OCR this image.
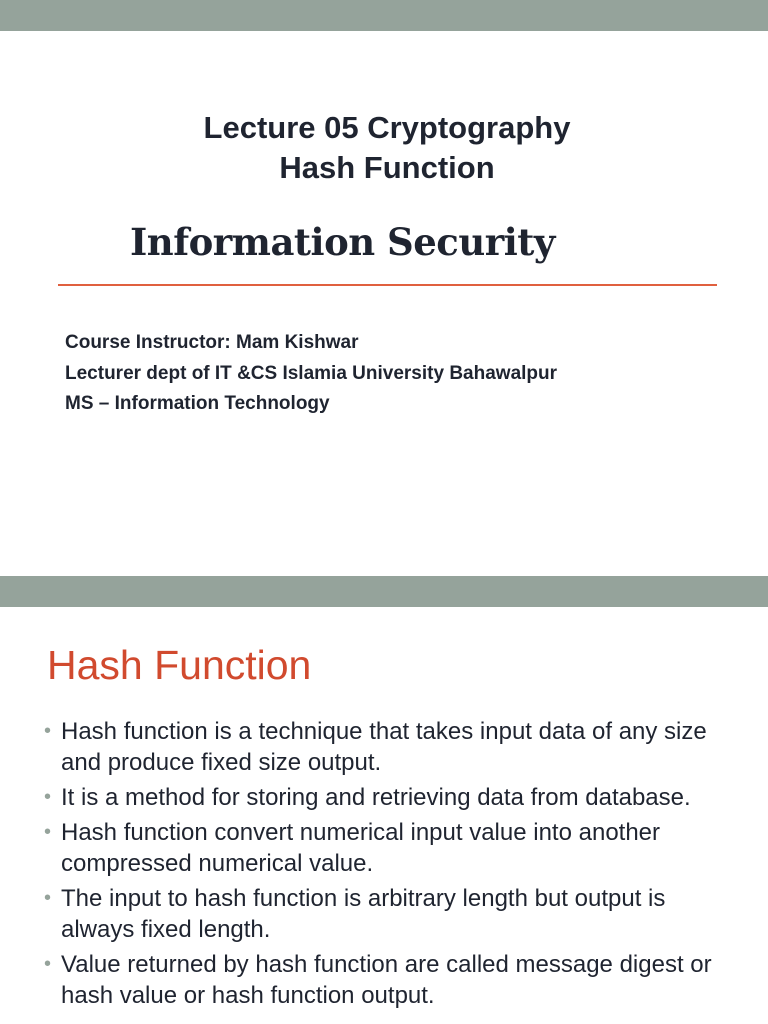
Lecture 05 Cryptography
Hash Function
Information Security
Course Instructor: Mam Kishwar
Lecturer dept of IT &CS Islamia University Bahawalpur
MS – Information Technology
Hash Function
• Hash function is a technique that takes input data of any size and produce fixed size output.
• It is a method for storing and retrieving data from database.
• Hash function convert numerical input value into another compressed numerical value.
• The input to hash function is arbitrary length but output is always fixed length.
• Value returned by hash function are called message digest or hash value or hash function output.
